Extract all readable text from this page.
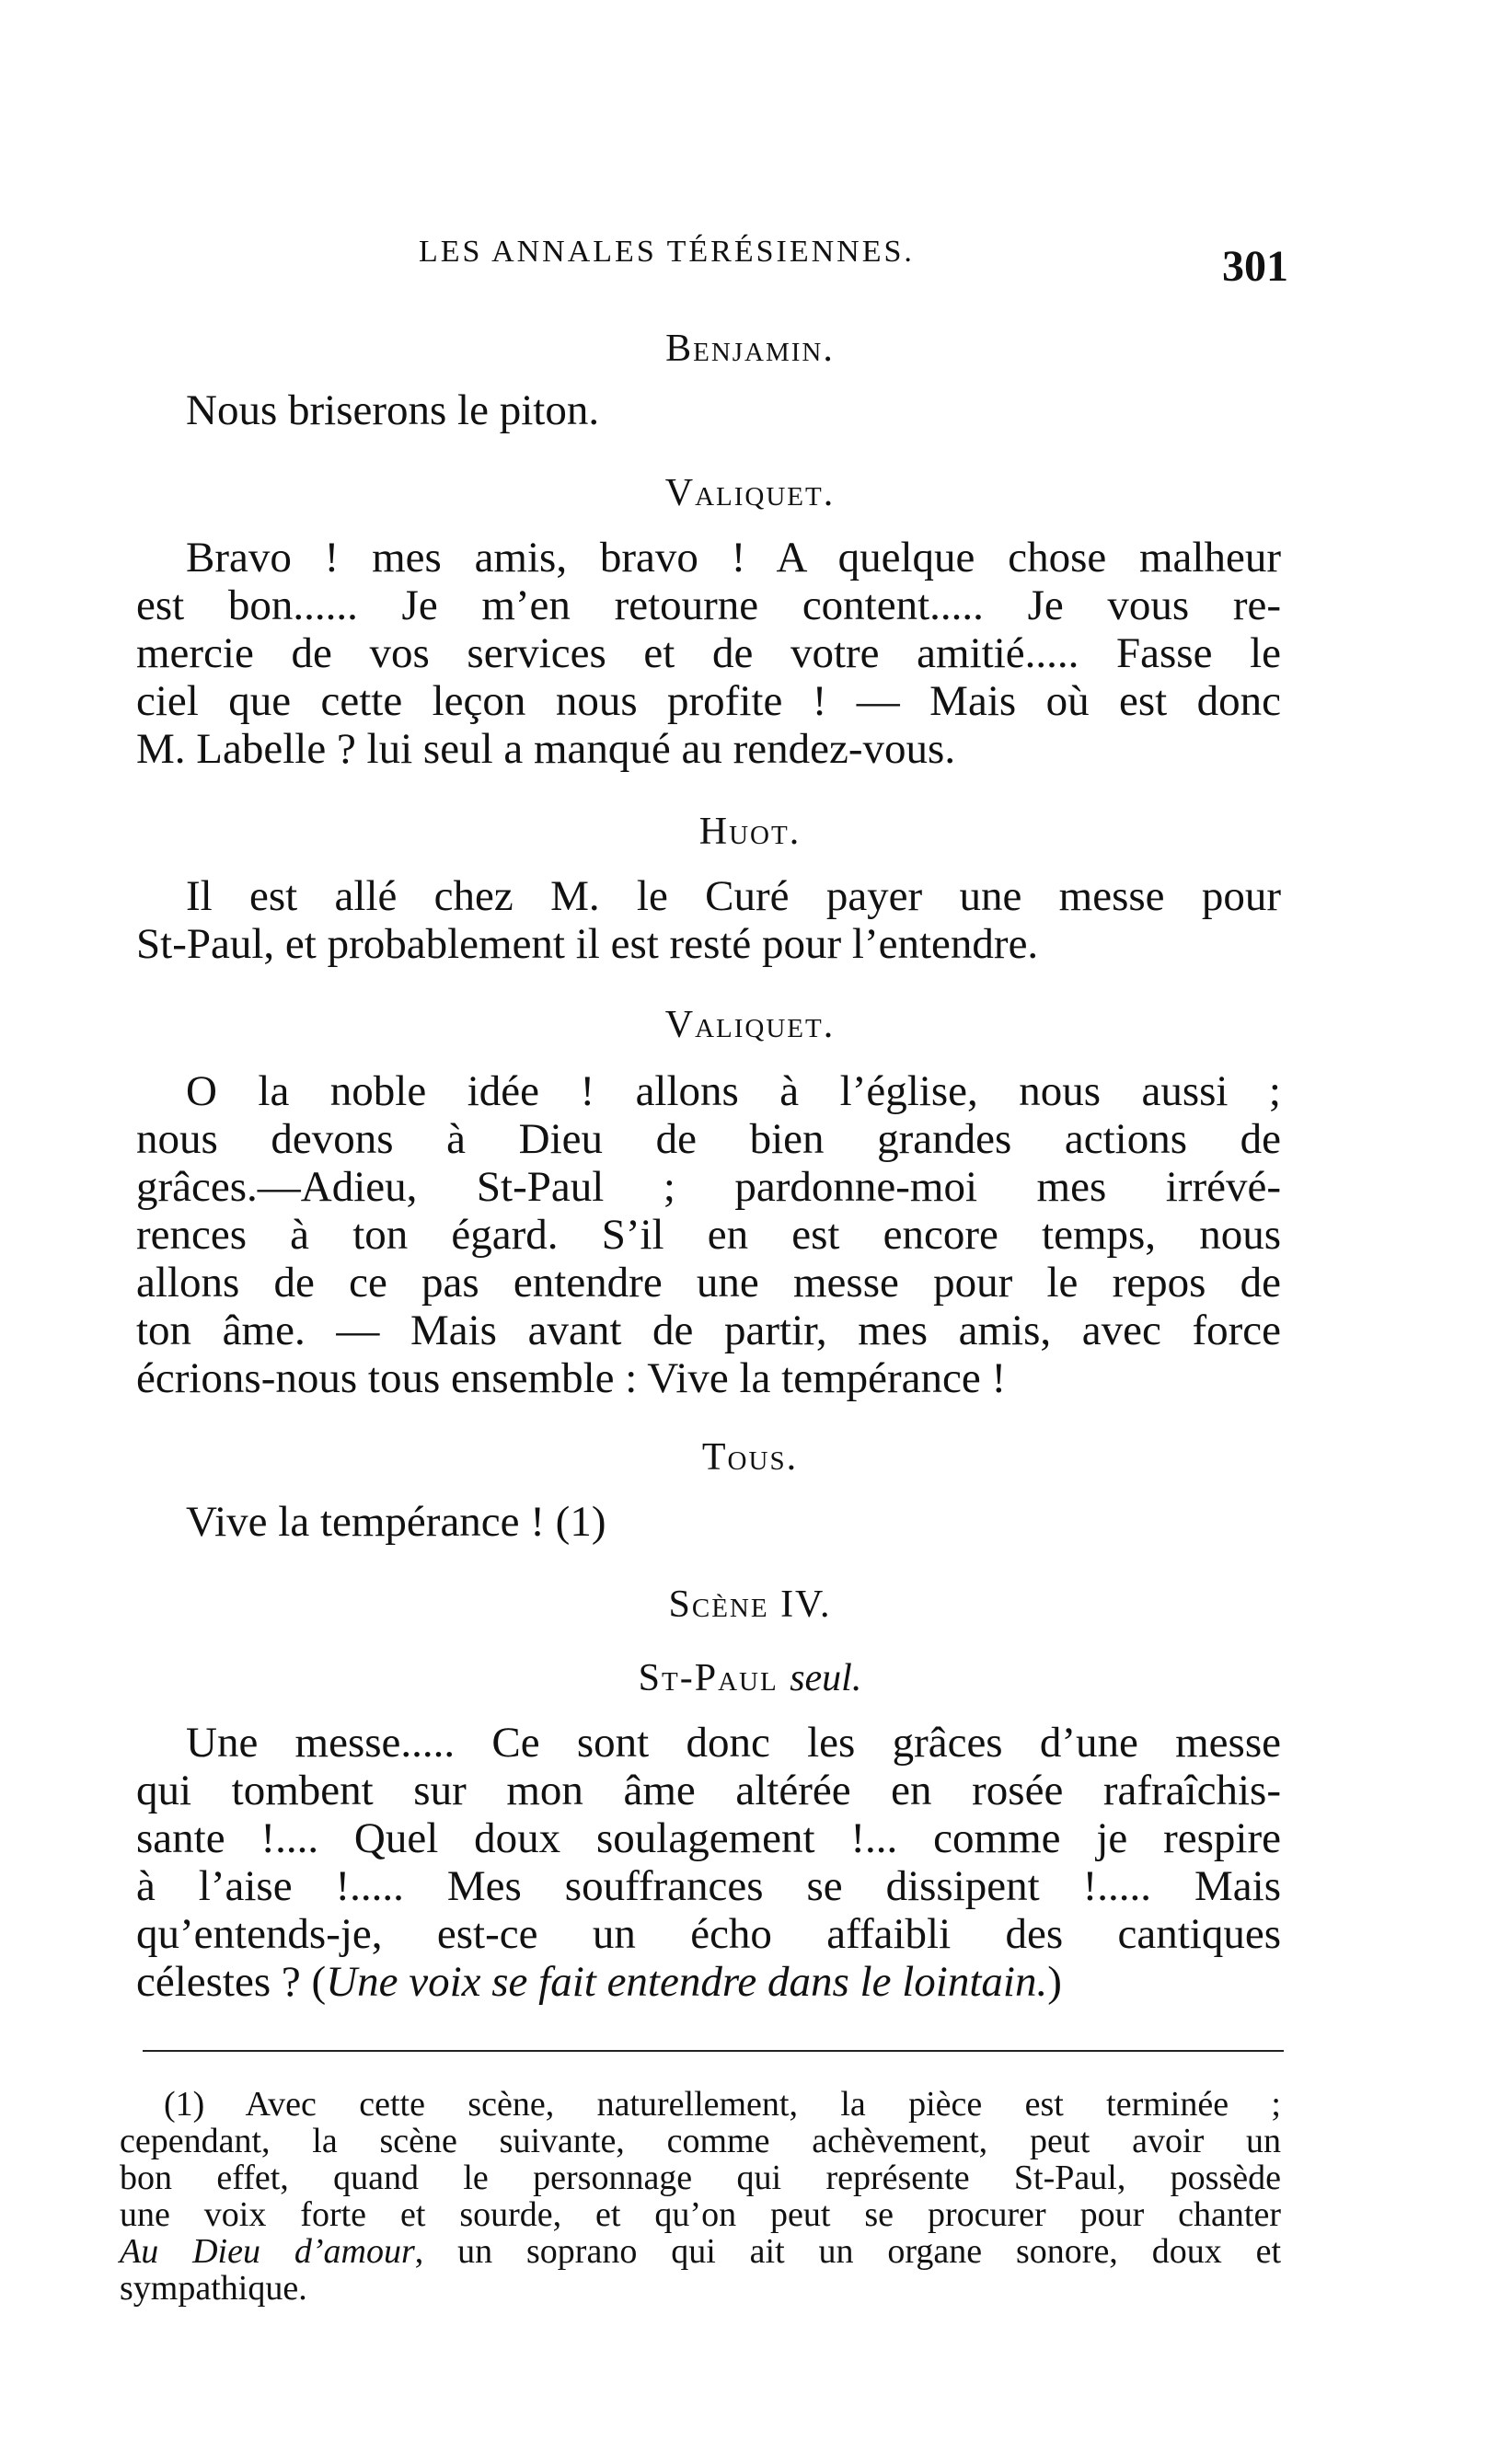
LES ANNALES TÉRÉSIENNES.	301
Benjamin.
Nous briserons le piton.
Valiquet.
Bravo ! mes amis, bravo ! A quelque chose malheur
est bon...... Je m’en retourne content..... Je vous re-
mercie de vos services et de votre amitié..... Fasse le
ciel que cette leçon nous profite ! — Mais où est donc
M. Labelle ? lui seul a manqué au rendez-vous.
Huot.
Il est allé chez M. le Curé payer une messe pour
St-Paul, et probablement il est resté pour l’entendre.
Valiquet.
O la noble idée ! allons à l’église, nous aussi ;
nous devons à Dieu de bien grandes actions de
grâces.—Adieu, St-Paul ; pardonne-moi mes irrévé-
rences à ton égard. S’il en est encore temps, nous
allons de ce pas entendre une messe pour le repos de
ton âme. — Mais avant de partir, mes amis, avec force
écrions-nous tous ensemble : Vive la tempérance !
Tous.
Vive la tempérance ! (1)
Scène IV.
St-Paul seul.
Une messe..... Ce sont donc les grâces d’une messe
qui tombent sur mon âme altérée en rosée rafraîchis-
sante !.... Quel doux soulagement !... comme je respire
à l’aise !..... Mes souffrances se dissipent !..... Mais
qu’entends-je, est-ce un écho affaibli des cantiques
célestes ? (Une voix se fait entendre dans le lointain.)
(1) Avec cette scène, naturellement, la pièce est terminée ;
cependant, la scène suivante, comme achèvement, peut avoir un
bon effet, quand le personnage qui représente St-Paul, possède
une voix forte et sourde, et qu’on peut se procurer pour chanter
Au Dieu d’amour, un soprano qui ait un organe sonore, doux et
sympathique.
